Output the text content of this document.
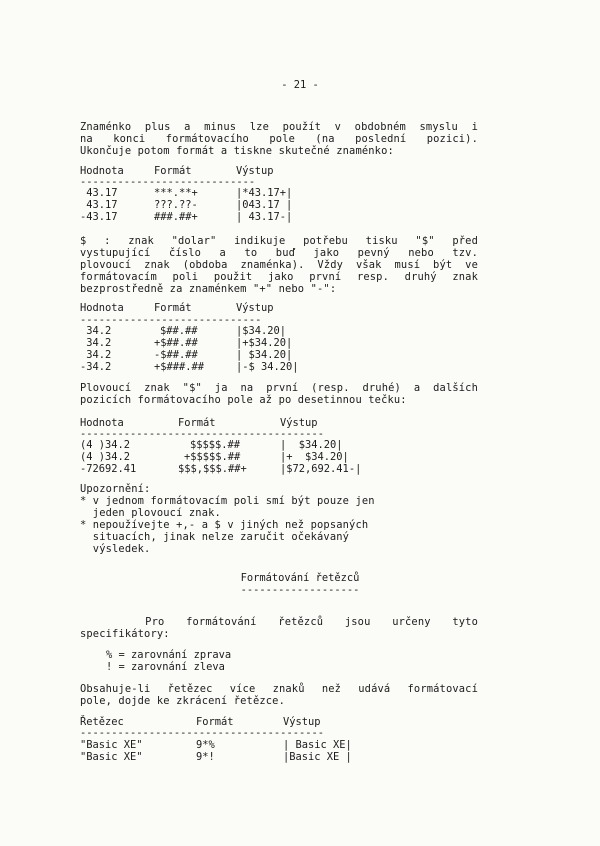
- 21 -
Znaménko plus a minus lze použít v obdobném smyslu i
na konci formátovacího pole (na poslední pozici).
Ukončuje potom formát a tiskne skutečné znaménko:
Hodnota	Formát	Výstup
----------------------------
43.17	***.**+	|*43.17+|
43.17	???.??-	|043.17 |
-43.17	###.##+	| 43.17-|
$ : znak "dolar" indikuje potřebu tisku "$" před
vystupující číslo a to buď jako pevný nebo tzv.
plovoucí znak (obdoba znaménka). Vždy však musí být ve
formátovacím poli použit jako první resp. druhý znak
bezprostředně za znaménkem "+" nebo "-":
Hodnota	Formát	Výstup
-----------------------------
34.2	$##.##	|$34.20|
34.2	+$##.##	|+$34.20|
34.2	-$##.##	| $34.20|
-34.2	+$###.##	|-$ 34.20|
Plovoucí znak "$" ja na první (resp. druhé) a dalších
pozicích formátovacího pole až po desetinnou tečku:
Hodnota	Formát	Výstup
---------------------------------------
(4 )34.2	$$$$$.##	|  $34.20|
(4 )34.2	+$$$$$.##	|+  $34.20|
-72692.41	$$$,$$$.##+	|$72,692.41-|
Upozornění:
* v jednom formátovacím poli smí být pouze jen
jeden plovoucí znak.
* nepoužívejte +,- a $ v jiných než popsaných
situacích, jinak nelze zaručit očekávaný
výsledek.
Formátování řetězců
-------------------
Pro formátování řetězců jsou určeny tyto
specifikátory:
% = zarovnání zprava
! = zarovnání zleva
Obsahuje-li řetězec více znaků než udává formátovací
pole, dojde ke zkrácení řetězce.
Řetězec	Formát	Výstup
---------------------------------------
"Basic XE"	9*%	| Basic XE|
"Basic XE"	9*!	|Basic XE |
